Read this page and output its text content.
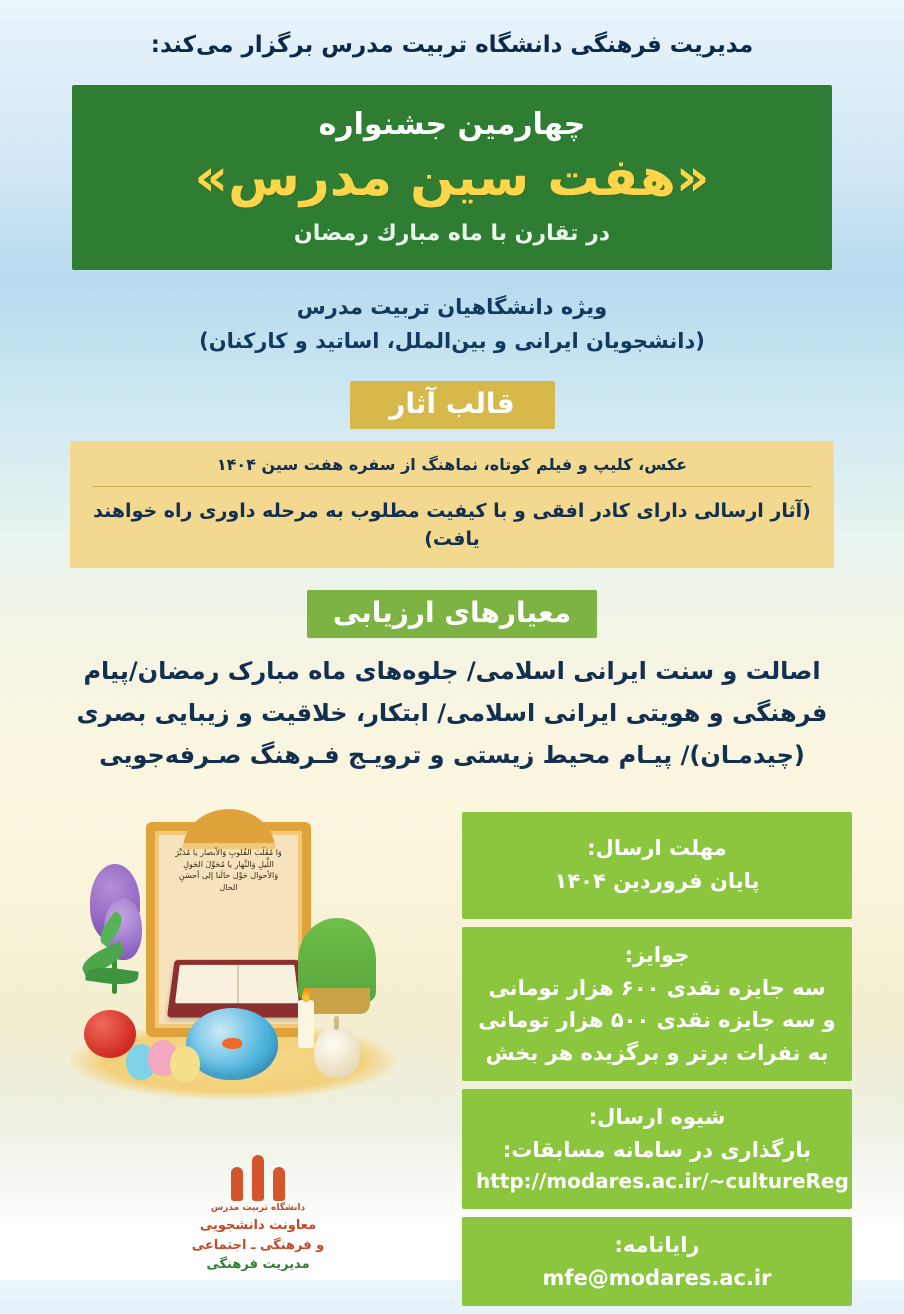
مدیریت فرهنگی دانشگاه تربیت مدرس برگزار می‌کند:
چهارمین جشنواره
«هفت سین مدرس»
در تقارن با ماه مبارك رمضان
ویژه دانشگاهیان تربیت مدرس
(دانشجویان ایرانی و بین‌الملل، اساتید و کارکنان)
قالب آثار
عکس، کلیپ و فیلم کوتاه، نماهنگ از سفره هفت سین ۱۴۰۴
(آثار ارسالی دارای کادر افقی و با کیفیت مطلوب به مرحله داوری راه خواهند یافت)
معیارهای ارزیابی
اصالت و سنت ایرانی اسلامی/ جلوه‌های ماه مبارک رمضان/پیام
فرهنگی و هویتی ایرانی اسلامی/ ابتکار، خلاقیت و زیبایی بصری
(چیدمـان)/ پیـام محیط زیستی و ترویـج فـرهنگ صـرفه‌جویی
وَا مُقَلِّبَ القُلوبِ وَالأبصار یا مُدَبِّرَ اللَّیلِ وَالنَّهار یا مُحَوِّلَ الحَولِ وَالأحوال حَوِّل حالَنا إلی أحسَنِ الحال
دانشگاه تربیت مدرس
معاونت دانشجویی
و فرهنگی ـ اجتماعی
مدیریت فرهنگی
مهلت ارسال:
پایان فروردین ۱۴۰۴
جوایز:
سه جایزه نقدی ۶۰۰ هزار تومانی
و سه جایزه نقدی ۵۰۰ هزار تومانی
به نفرات برتر و برگزیده هر بخش
شیوه ارسال:
بارگذاری در سامانه مسابقات:
http://modares.ac.ir/~cultureReg
رایانامه:
mfe@modares.ac.ir
